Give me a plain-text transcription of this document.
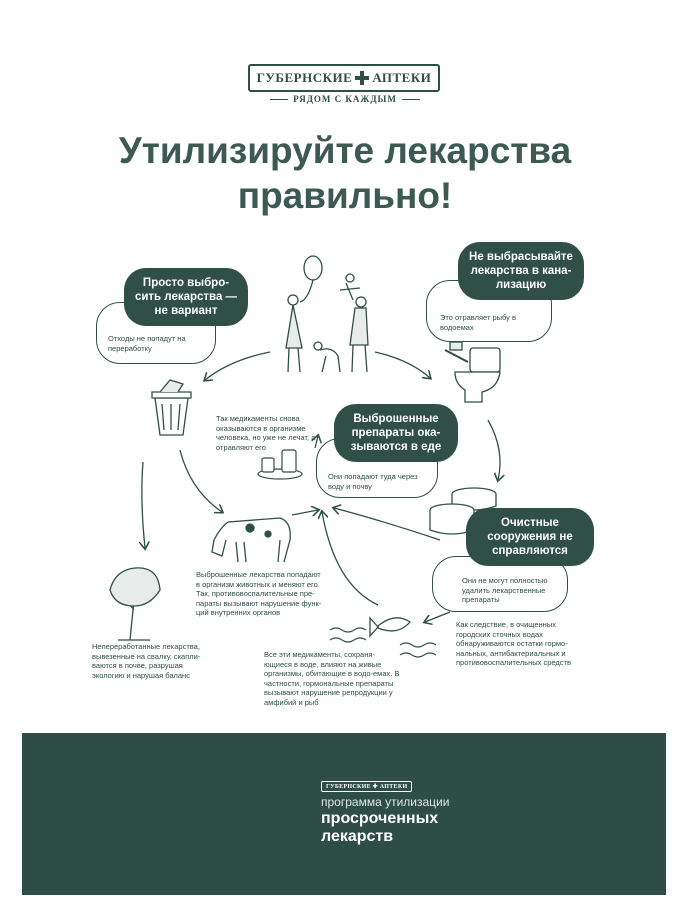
ГУБЕРНСКИЕ АПТЕКИ
РЯДОМ С КАЖДЫМ
Утилизируйте лекарства
правильно!
Отходы не попадут на переработку
Просто выбро-сить лекарства — не вариант
Это отравляет рыбу в водоемах
Не выбрасывайте лекарства в кана-лизацию
Так медикаменты снова оказываются в организме человека, но уже не лечат, а отравляют его
Они попадают туда через воду и почву
Выброшенные препараты ока-зываются в еде
Они не могут полностью удалить лекарственные препараты
Очистные сооружения не справляются
Выброшенные лекарства попадают в организм животных и меняют его. Так, противовоспалительные пре-параты вызывают нарушение функ-ций внутренних органов
Непереработанные лекарства, вывезенные на свалку, скапли-ваются в почве, разрушая экологию и нарушая баланс
Все эти медикаменты, сохраня-ющиеся в воде, влияют на живые организмы, обитающие в водо-емах. В частности, гормональные препараты вызывают нарушение репродукции у амфибий и рыб
Как следствие, в очищенных городских сточных водах обнаруживаются остатки гормо-нальных, антибактериальных и противовоспалительных средств
ГУБЕРНСКИЕ ✚ АПТЕКИ
программа утилизации
просроченных
лекарств
